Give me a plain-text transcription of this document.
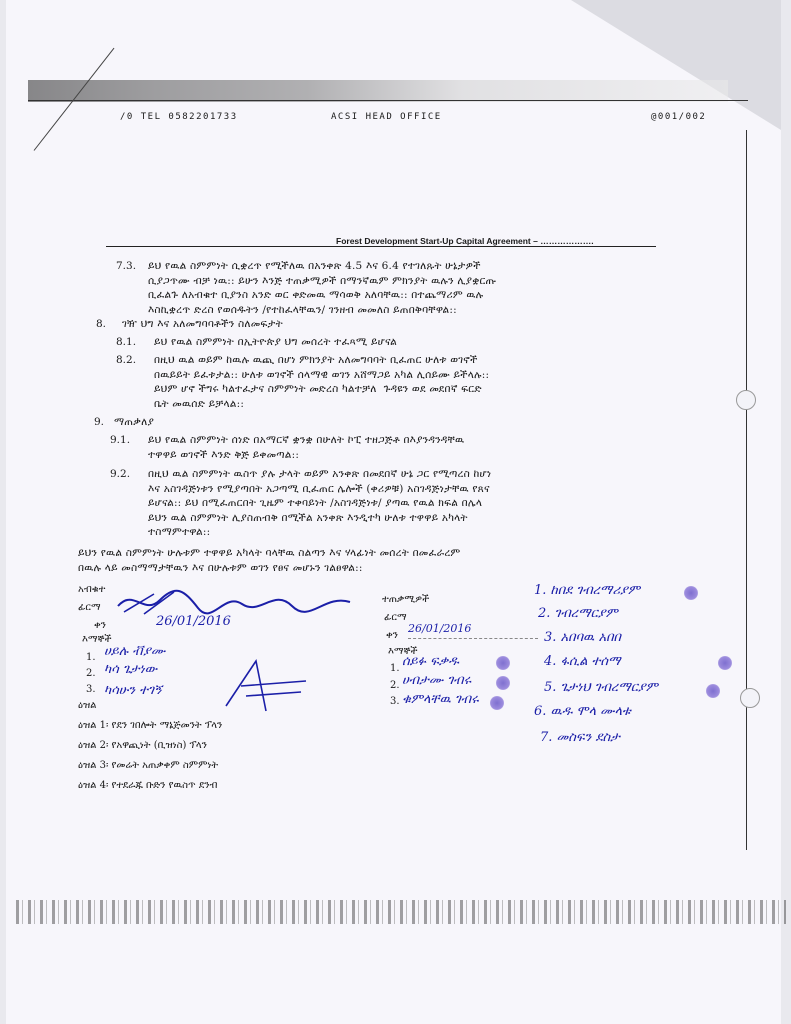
/0 TEL 0582201733	ACSI HEAD OFFICE	@001/002
Forest Development Start-Up Capital Agreement – ……………….
7.3. ይህ የዉል ስምምነት ሲቋረጥ የሚችለዉ በአንቀጽ 4.5 እና 6.4 የተገለጹት ሁኔታዎች
ሲያጋጥሙ ብቻ ነዉ:: ይሁን እንጅ ተጠቃሚዎች በማንኛዉም ምክንያት ዉሉን ሊያቋርጡ
ቢፈልጉ ለአብቁተ ቢያንስ አንድ ወር ቀድመዉ ማሳወቅ አለባቸዉ:: በተጨማሪም ዉሉ
እስኪቋረጥ ድረስ የወሰዱትን /የተከፈላቸዉን/ ገንዘብ መመለስ ይጠበቅባቸዋል::
8. ገዥ ህግ እና አለመግባባቶችን ስለመፍታት
8.1. ይህ የዉል ስምምነት በኢትዮጵያ ህግ መሰረት ተፈጻሚ ይሆናል
8.2. በዚህ ዉል ወይም ከዉሉ ዉጪ በሆነ ምክንያት አለመግባባት ቢፈጠር ሁለቱ ወገኖች
በዉይይት ይፈቱታል:: ሁለቱ ወገኖች ሰላማዊ ወገን አሸማጋይ አካል ሊሰይሙ ይችላሉ::
ይህም ሆኖ ችግሩ ካልተፈታና ስምምነት መድረስ ካልተቻለ  ጉዳዩን ወደ መደበኛ ፍርድ
ቤት መዉሰድ ይቻላል::
9. ማጠቃለያ
9.1. ይህ የዉል ስምምነት ሰነድ በአማርኛ ቋንቋ በሁለት ኮፒ ተዘጋጅቶ በእያንዳንዳቸዉ
ተዋዋይ ወገኖች እንድ ቅጅ ይቀመጣል::
9.2. በዚህ ዉል ስምምነት ዉስጥ ያሉ ታላት ወይም አንቀጽ በመደበኛ ሁኔ ጋር የሚጣረስ ከሆነ
እና አስገዳጅነቱን የሚያጣበት አጋጣሚ ቢፈጠር ሌሎች (ቀሪዎቹ) አስገዳጅነታቸዉ የጸና
ይሆናል:: ይህ በሚፈጠርበት ጊዜም ተቀባይነት /አስገዳጅነቱ/ ያጣዉ የዉል ክፍል በሌላ
ይህን ዉል ስምምነት ሊያስጠብቅ በሚችል አንቀጽ እንዲተካ ሁለቱ ተዋዋይ አካላት
ተስማምተዋል::
ይህን የዉል ስምምነት ሁሉቱም ተዋዋይ አካላት ባላቸዉ ስልጣን እና ሃላፊነት መሰረት በመፈራረም
በዉሉ ላይ መስማማታቸዉን እና በሁሉቱም ወገን የፀና መሆኑን ገልፀዋል::
አብቁተ
ፊርማ
ቀን	26/01/2016
እማኞች
1. ሀይሉ ቭያሙ
2. ካሳ ጌታነው
ካሳሁን ተገኝ
3.
ዕዝል
ዕዝል 1፡ የደን ገበሎት ማኔጅመንት ፕላን
ዕዝል 2፡ የአዋጪነት (ቢዝነስ) ፕላን
ዕዝል 3፡ የመሬት አጠቃቀም ስምምነት
ዕዝል 4፡ የተደራጁ ቡድን የዉስጥ ደንብ
ተጠቃሚዎች
ፊርማ
ቀን
26/01/2016
እማኞች
1. ሰይፉ ፍቃዱ
2. ሀብታሙ ገብሩ
3. ቁምላቸዉ ገብሩ
1. ከበደ ገብረማሪያም
2. ገብረማርያም
3. አበባዉ አበበ
4. ፋሲል ተሰማ
5. ጌታነህ ገብረማርያም
6. ዉዱ ሞላ ሙላቱ
7. መስፍን ደስታ
